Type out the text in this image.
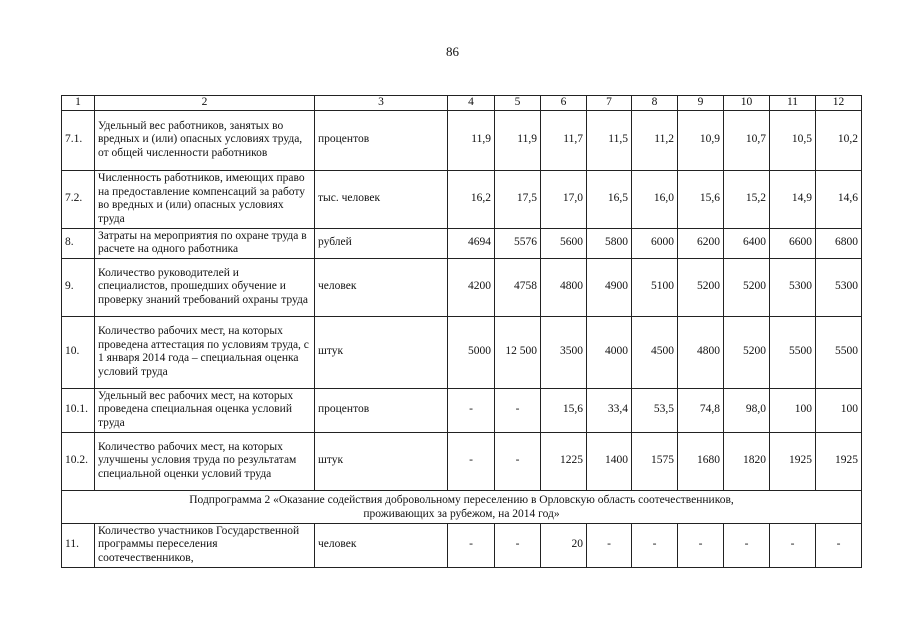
86
1	2	3	4	5	6	7	8	9	10	11	12
7.1.	Удельный вес работников, занятых во вредных и (или) опасных условиях труда, от общей численности работников	процентов	11,9	11,9	11,7	11,5	11,2	10,9	10,7	10,5	10,2
7.2.	Численность работников, имеющих право на предоставление компенсаций за работу во вредных и (или) опасных условиях труда	тыс. человек	16,2	17,5	17,0	16,5	16,0	15,6	15,2	14,9	14,6
8.	Затраты на мероприятия по охране труда в расчете на одного работника	рублей	4694	5576	5600	5800	6000	6200	6400	6600	6800
9.	Количество руководителей и специалистов, прошедших обучение и проверку знаний требований охраны труда	человек	4200	4758	4800	4900	5100	5200	5200	5300	5300
10.	Количество рабочих мест, на которых проведена аттестация по условиям труда, с 1 января 2014 года – специальная оценка условий труда	штук	5000	12 500	3500	4000	4500	4800	5200	5500	5500
10.1.	Удельный вес рабочих мест, на которых проведена специальная оценка условий труда	процентов	-	-	15,6	33,4	53,5	74,8	98,0	100	100
10.2.	Количество рабочих мест, на которых улучшены условия труда по результатам специальной оценки условий труда	штук	-	-	1225	1400	1575	1680	1820	1925	1925

Подпрограмма 2 «Оказание содействия добровольному переселению в Орловскую область соотечественников,
проживающих за рубежом, на 2014 год»											

11.	Количество участников Государственной программы переселения соотечественников,	человек	-	-	20	-	-	-	-	-	-
